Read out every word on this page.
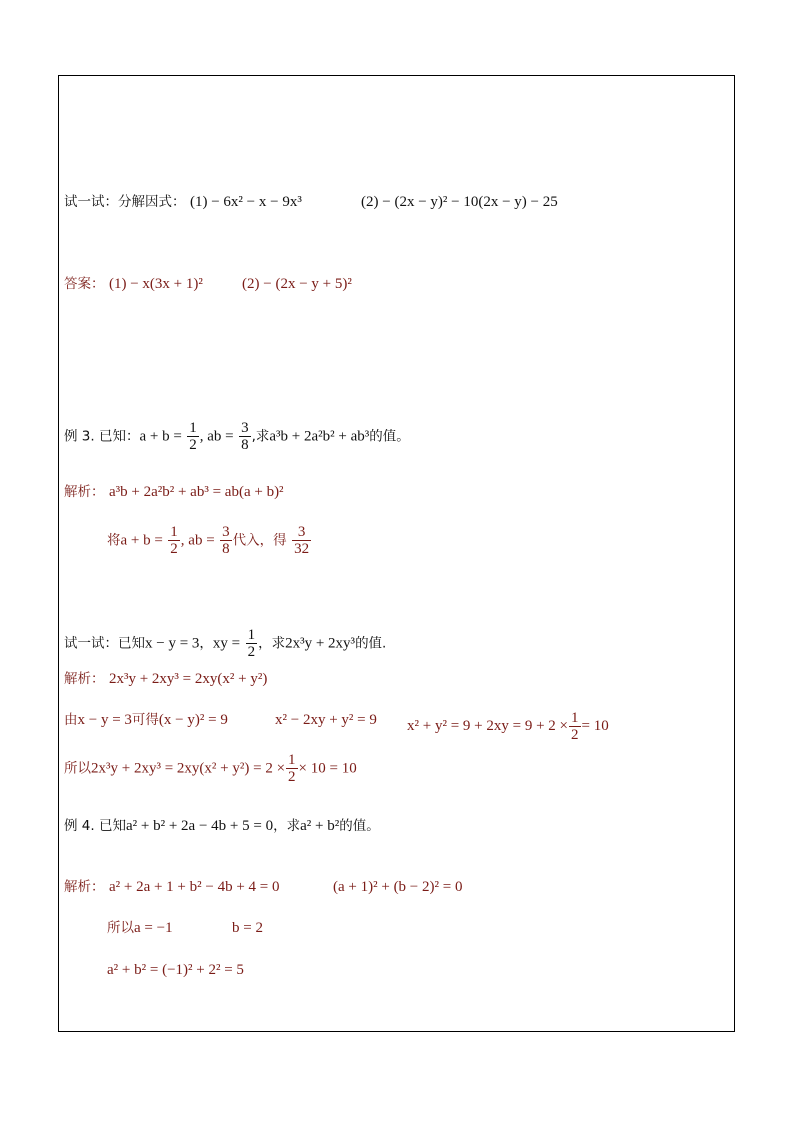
试一试：分解因式： (1) − 6x² − x − 9x³	(2) − (2x − y)² − 10(2x − y) − 25
答案： (1) − x(3x + 1)²	(2) − (2x − y + 5)²
例 3. 已知：$a + b = \frac{1}{2}$ , ab = $\frac{3}{8}$ ,求a³b + 2a²b² + ab³的值。
解析： a³b + 2a²b² + ab³ = ab(a + b)²
将$a + b = \frac{1}{2}$ , ab = $\frac{3}{8}$ 代入，得 $\frac{3}{32}$
试一试：已知x − y = 3，xy = $\frac{1}{2}$ ，求2x³y + 2xy³的值.
解析： 2x³y + 2xy³ = 2xy(x² + y²)
由x − y = 3可得(x − y)² = 9	x² − 2xy + y² = 9 $x^2 + y^2 = 9 + 2xy = 9 + 2 \times \frac{1}{2} = 10$
所以$2x^3y + 2xy^3 = 2xy(x^2 + y^2) = 2 \times \frac{1}{2} \times 10 = 10$
例 4. 已知a² + b² + 2a − 4b + 5 = 0，求a² + b²的值。
解析： a² + 2a + 1 + b² − 4b + 4 = 0	(a + 1)² + (b − 2)² = 0
所以a = −1	b = 2
a² + b² = (−1)² + 2² = 5
